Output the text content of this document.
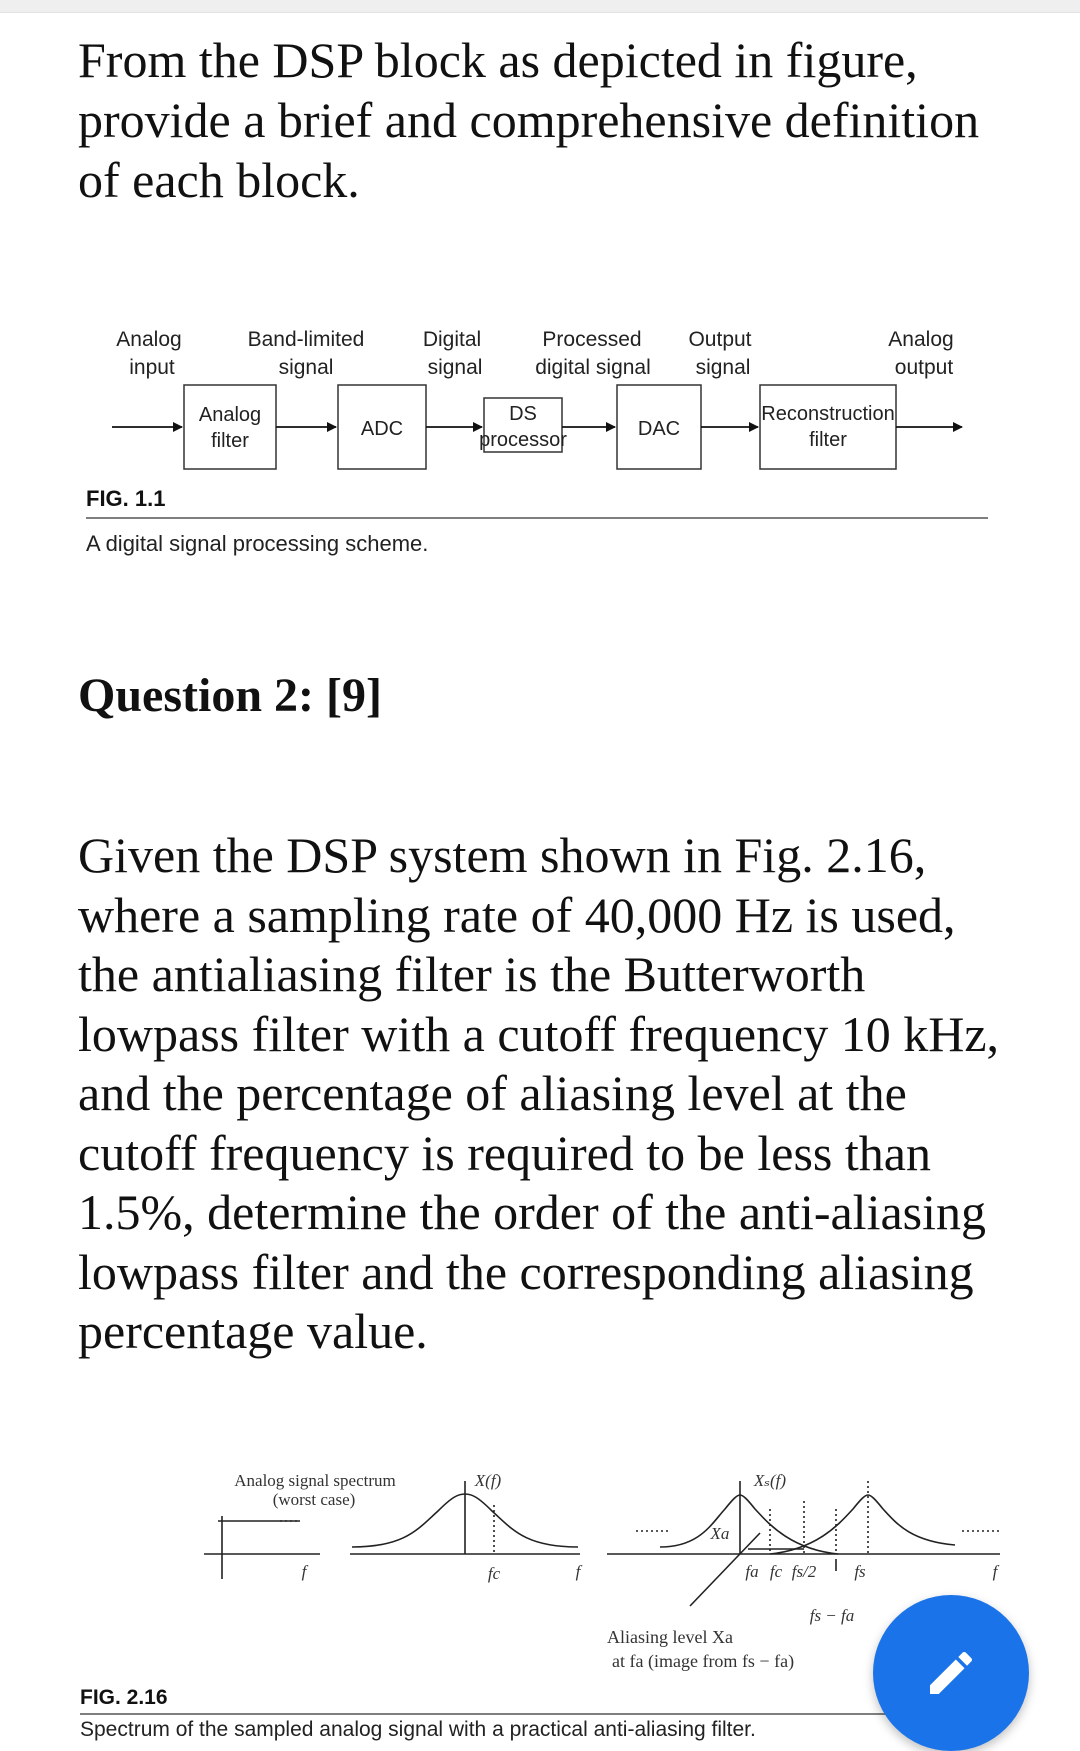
From the DSP block as depicted in figure,
provide a brief and comprehensive definition
of each block.
Analog
input
Band-limited
signal
Digital
signal
Processed
digital signal
Output
signal
Analog
output
Analog
filter
ADC
DS
processor	DAC
Reconstruction
filter
FIG. 1.1
A digital signal processing scheme.
Question 2: [9]

Given the DSP system shown in Fig. 2.16,
where a sampling rate of 40,000 Hz is used,
the antialiasing filter is the Butterworth
lowpass filter with a cutoff frequency 10 kHz,
and the percentage of aliasing level at the
cutoff frequency is required to be less than
1.5%, determine the order of the anti-aliasing
lowpass filter and the corresponding aliasing
percentage value.

Analog signal spectrum
(worst case)
X(f)	Xₛ(f)
Xa
f	fc	f	fa fc fs/2 fs	f
fs − fa
Aliasing level Xa
at fa (image from fs − fa)
FIG. 2.16
Spectrum of the sampled analog signal with a practical anti-aliasing filter.
